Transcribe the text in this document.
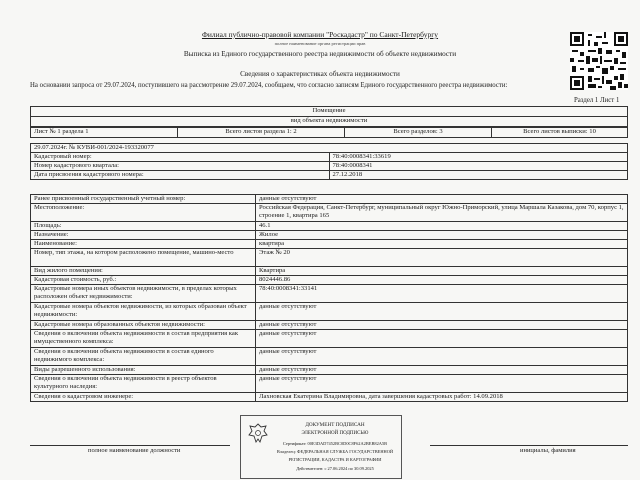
Филиал публично-правовой компании "Роскадастр" по Санкт-Петербургу
полное наименование органа регистрации прав
Выписка из Единого государственного реестра недвижимости об объекте недвижимости
Сведения о характеристиках объекта недвижимости
На основании запроса от 29.07.2024, поступившего на рассмотрение 29.07.2024, сообщаем, что согласно записям Единого государственного реестра недвижимости:
Раздел 1 Лист 1
Помещение
вид объекта недвижимости
Лист № 1 раздела 1	Всего листов раздела 1: 2	Всего разделов: 3	Всего листов выписки: 10
29.07.2024г. № КУВИ-001/2024-193320077	
Кадастровый номер:	78:40:0008341:33619
Номер кадастрового квартала:	78:40:0008341
Дата присвоения кадастрового номера:	27.12.2018
Ранее присвоенный государственный учетный номер:	данные отсутствуют
Местоположение:	Российская Федерация, Санкт-Петербург, муниципальный округ Южно-Приморский, улица Маршала Казакова, дом 70, корпус 1, строение 1, квартира 165
Площадь:	46.1
Назначение:	Жилое
Наименование:	квартира
Номер, тип этажа, на котором расположено помещение, машино-место	Этаж № 20
Вид жилого помещения:	Квартира
Кадастровая стоимость, руб.:	8024446.86
Кадастровые номера иных объектов недвижимости, в пределах которых расположен объект недвижимости:	78:40:0008341:33141
Кадастровые номера объектов недвижимости, из которых образован объект недвижимости:	данные отсутствуют
Кадастровые номера образованных объектов недвижимости:	данные отсутствуют
Сведения о включении объекта недвижимости в состав предприятия как имущественного комплекса:	данные отсутствуют
Сведения о включении объекта недвижимости в состав единого недвижимого комплекса:	данные отсутствуют
Виды разрешенного использования:	данные отсутствуют
Сведения о включении объекта недвижимости в реестр объектов культурного наследия:	данные отсутствуют
Сведения о кадастровом инженере:	Лахновская Екатерина Владимировна, дата завершения кадастровых работ: 14.09.2018
ДОКУМЕНТ ПОДПИСАН
ЭЛЕКТРОННОЙ ПОДПИСЬЮ
Сертификат: 00E3DAD7452BC0D0C8F62A2BEB82A5B
Владелец: ФЕДЕРАЛЬНАЯ СЛУЖБА ГОСУДАРСТВЕННОЙ
РЕГИСТРАЦИИ, КАДАСТРА И КАРТОГРАФИИ
Действителен: с 27.06.2024 по 30.09.2025
полное наименование должности	инициалы, фамилия
